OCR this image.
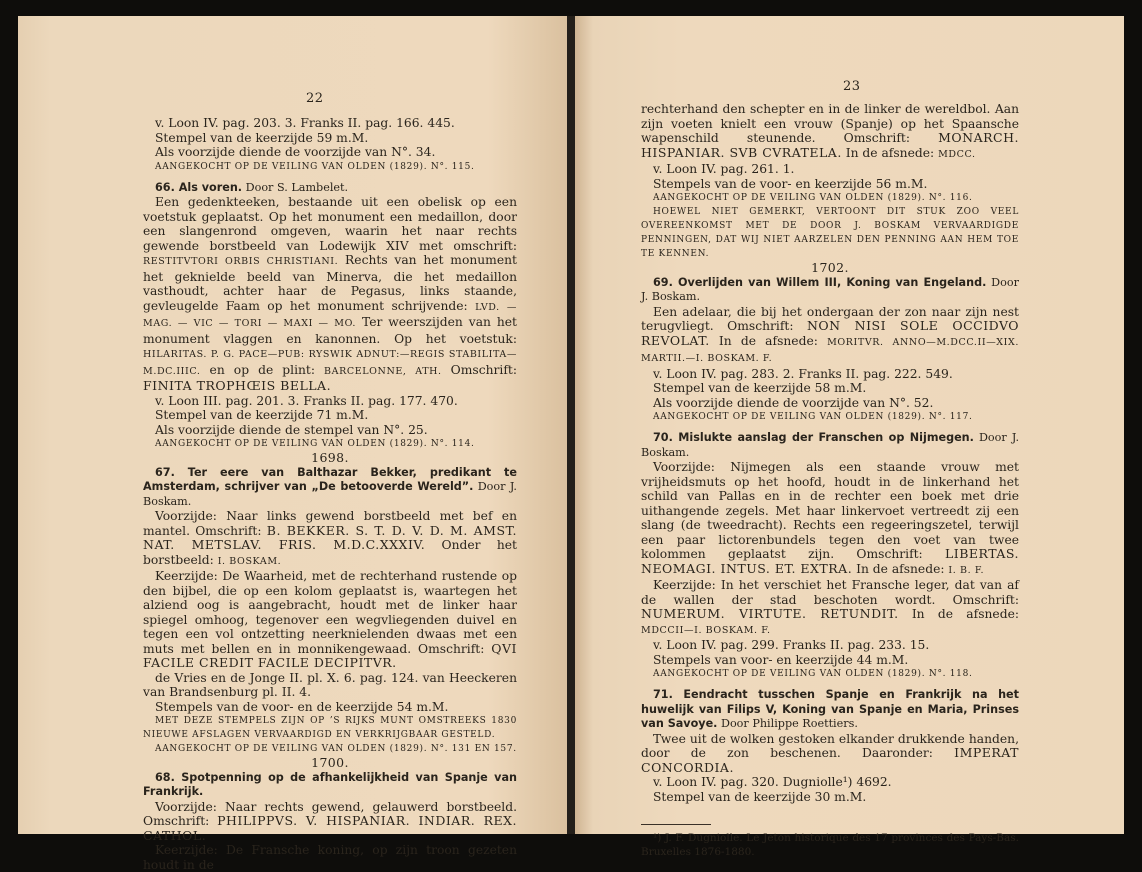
22

v. Loon IV. pag. 203. 3. Franks II. pag. 166. 445.

Stempel van de keerzijde 59 m.M.

Als voorzijde diende de voorzijde van N°. 34.

AANGEKOCHT OP DE VEILING VAN OLDEN (1829). N°. 115.

66. Als voren. Door S. Lambelet.

Een gedenkteeken, bestaande uit een obelisk op een voetstuk geplaatst. Op het monument een medaillon, door een slangenrond omgeven, waarin het naar rechts gewende borstbeeld van Lodewijk XIV met omschrift: RESTITVTORI ORBIS CHRISTIANI. Rechts van het monument het geknielde beeld van Minerva, die het medaillon vasthoudt, achter haar de Pegasus, links staande, gevleugelde Faam op het monument schrijvende: LVD. — MAG. — VIC — TORI — MAXI — MO. Ter weerszijden van het monument vlaggen en kanonnen. Op het voetstuk: HILARITAS. P. G. PACE—PUB: RYSWIK ADNUT:—REGIS STABILITA—M.DC.IIIC. en op de plint: BARCELONNE, ATH. Omschrift: FINITA TROPHŒIS BELLA.

v. Loon III. pag. 201. 3. Franks II. pag. 177. 470.

Stempel van de keerzijde 71 m.M.

Als voorzijde diende de stempel van N°. 25.

AANGEKOCHT OP DE VEILING VAN OLDEN (1829). N°. 114.

1698.

67. Ter eere van Balthazar Bekker, predikant te Amsterdam, schrijver van „De betooverde Wereld”. Door J. Boskam.

Voorzijde: Naar links gewend borstbeeld met bef en mantel. Omschrift: B. BEKKER. S. T. D. V. D. M. AMST. NAT. METSLAV. FRIS. M.D.C.XXXIV. Onder het borstbeeld: I. BOSKAM.

Keerzijde: De Waarheid, met de rechterhand rustende op den bijbel, die op een kolom geplaatst is, waartegen het alziend oog is aangebracht, houdt met de linker haar spiegel omhoog, tegenover een wegvliegenden duivel en tegen een vol ontzetting neerknielenden dwaas met een muts met bellen en in monnikengewaad. Omschrift: QVI FACILE CREDIT FACILE DECIPITVR.

de Vries en de Jonge II. pl. X. 6. pag. 124. van Heeckeren van Brandsenburg pl. II. 4.

Stempels van de voor- en de keerzijde 54 m.M.

MET DEZE STEMPELS ZIJN OP ’S RIJKS MUNT OMSTREEKS 1830 NIEUWE AFSLAGEN VERVAARDIGD EN VERKRIJGBAAR GESTELD.

AANGEKOCHT OP DE VEILING VAN OLDEN (1829). N°. 131 EN 157.

1700.

68. Spotpenning op de afhankelijkheid van Spanje van Frankrijk.

Voorzijde: Naar rechts gewend, gelauwerd borstbeeld. Omschrift: PHILIPPVS. V. HISPANIAR. INDIAR. REX. CATHOL.

Keerzijde: De Fransche koning, op zijn troon gezeten houdt in de

23

rechterhand den schepter en in de linker de wereldbol. Aan zijn voeten knielt een vrouw (Spanje) op het Spaansche wapenschild steunende. Omschrift: MONARCH. HISPANIAR. SVB CVRATELA. In de afsnede: MDCC.

v. Loon IV. pag. 261. 1.

Stempels van de voor- en keerzijde 56 m.M.

AANGEKOCHT OP DE VEILING VAN OLDEN (1829). N°. 116.

HOEWEL NIET GEMERKT, VERTOONT DIT STUK ZOO VEEL OVEREENKOMST MET DE DOOR J. BOSKAM VERVAARDIGDE PENNINGEN, DAT WIJ NIET AARZELEN DEN PENNING AAN HEM TOE TE KENNEN.

1702.

69. Overlijden van Willem III, Koning van Engeland. Door J. Boskam.

Een adelaar, die bij het ondergaan der zon naar zijn nest terugvliegt. Omschrift: NON NISI SOLE OCCIDVO REVOLAT. In de afsnede: MORITVR. ANNO—M.DCC.II—XIX. MARTII.—I. BOSKAM. F.

v. Loon IV. pag. 283. 2. Franks II. pag. 222. 549.

Stempel van de keerzijde 58 m.M.

Als voorzijde diende de voorzijde van N°. 52.

AANGEKOCHT OP DE VEILING VAN OLDEN (1829). N°. 117.

70. Mislukte aanslag der Franschen op Nijmegen. Door J. Boskam.

Voorzijde: Nijmegen als een staande vrouw met vrijheidsmuts op het hoofd, houdt in de linkerhand het schild van Pallas en in de rechter een boek met drie uithangende zegels. Met haar linkervoet vertreedt zij een slang (de tweedracht). Rechts een regeeringszetel, terwijl een paar lictorenbundels tegen den voet van twee kolommen geplaatst zijn. Omschrift: LIBERTAS. NEOMAGI. INTUS. ET. EXTRA. In de afsnede: I. B. F.

Keerzijde: In het verschiet het Fransche leger, dat van af de wallen der stad beschoten wordt. Omschrift: NUMERUM. VIRTUTE. RETUNDIT. In de afsnede: MDCCII—I. BOSKAM. F.

v. Loon IV. pag. 299. Franks II. pag. 233. 15.

Stempels van voor- en keerzijde 44 m.M.

AANGEKOCHT OP DE VEILING VAN OLDEN (1829). N°. 118.

71. Eendracht tusschen Spanje en Frankrijk na het huwelijk van Filips V, Koning van Spanje en Maria, Prinses van Savoye. Door Philippe Roettiers.

Twee uit de wolken gestoken elkander drukkende handen, door de zon beschenen. Daaronder: IMPERAT CONCORDIA.

v. Loon IV. pag. 320. Dugniolle¹) 4692.

Stempel van de keerzijde 30 m.M.

¹) J. F. Dugniolle. Le Jeton historique des 17 provinces des Pays-Bas. Bruxelles 1876-1880.
